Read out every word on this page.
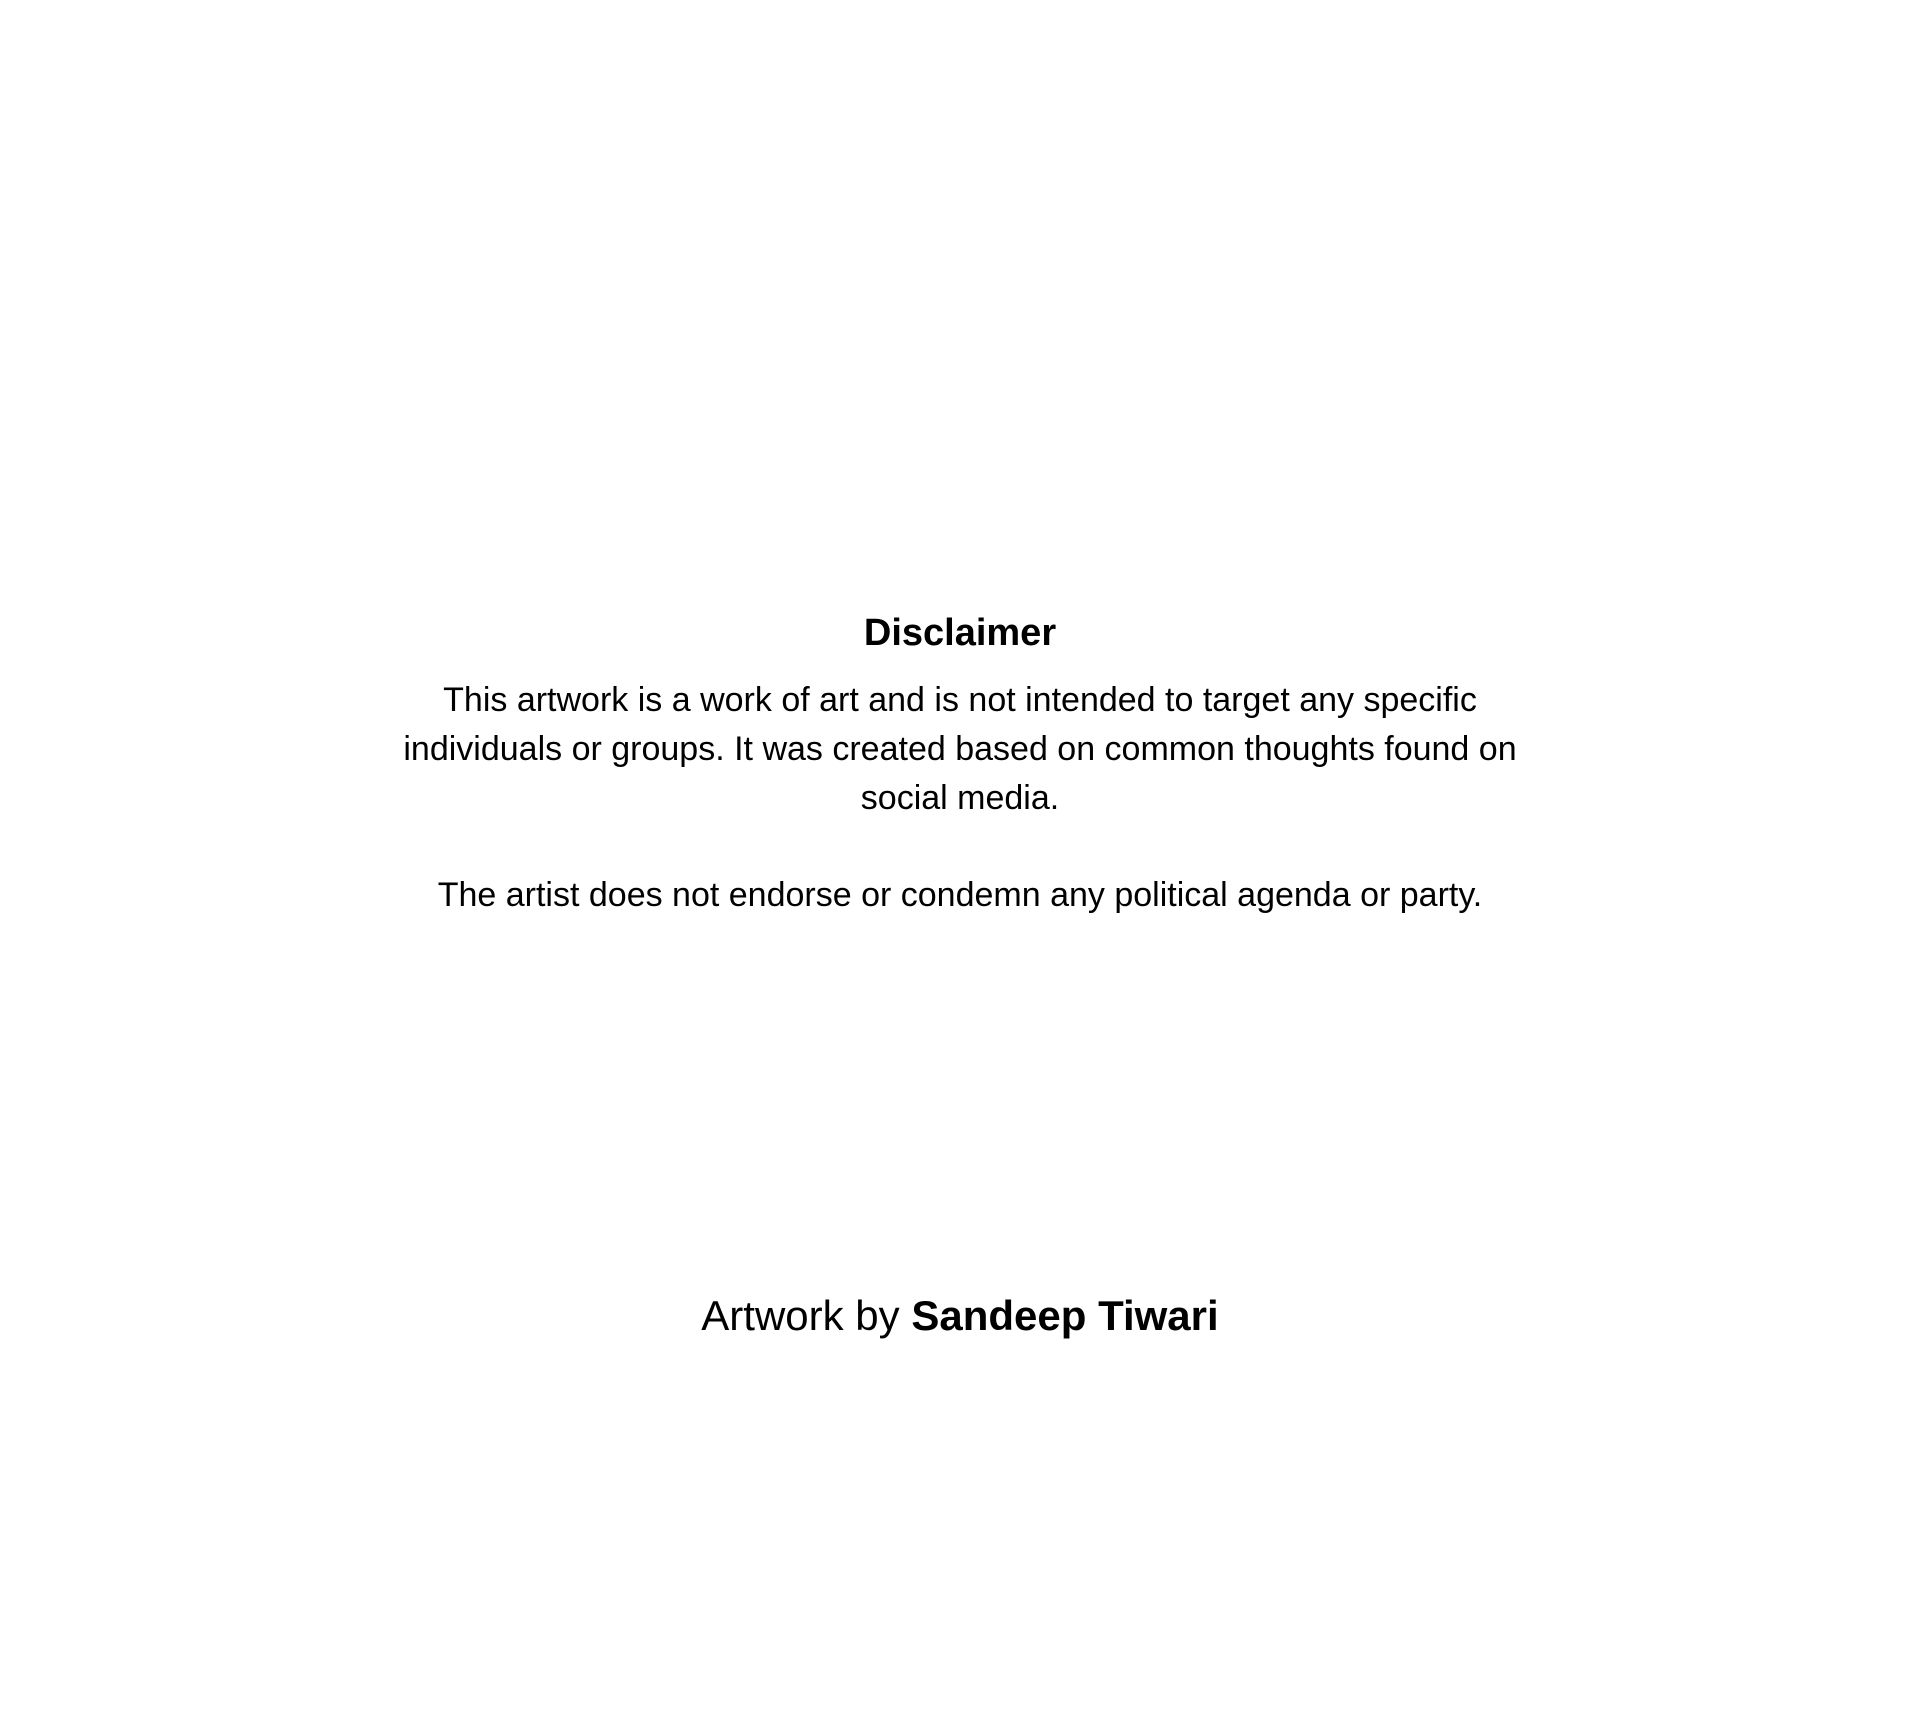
Disclaimer
This artwork is a work of art and is not intended to target any specific individuals or groups. It was created based on common thoughts found on social media.
The artist does not endorse or condemn any political agenda or party.
Artwork by Sandeep Tiwari
